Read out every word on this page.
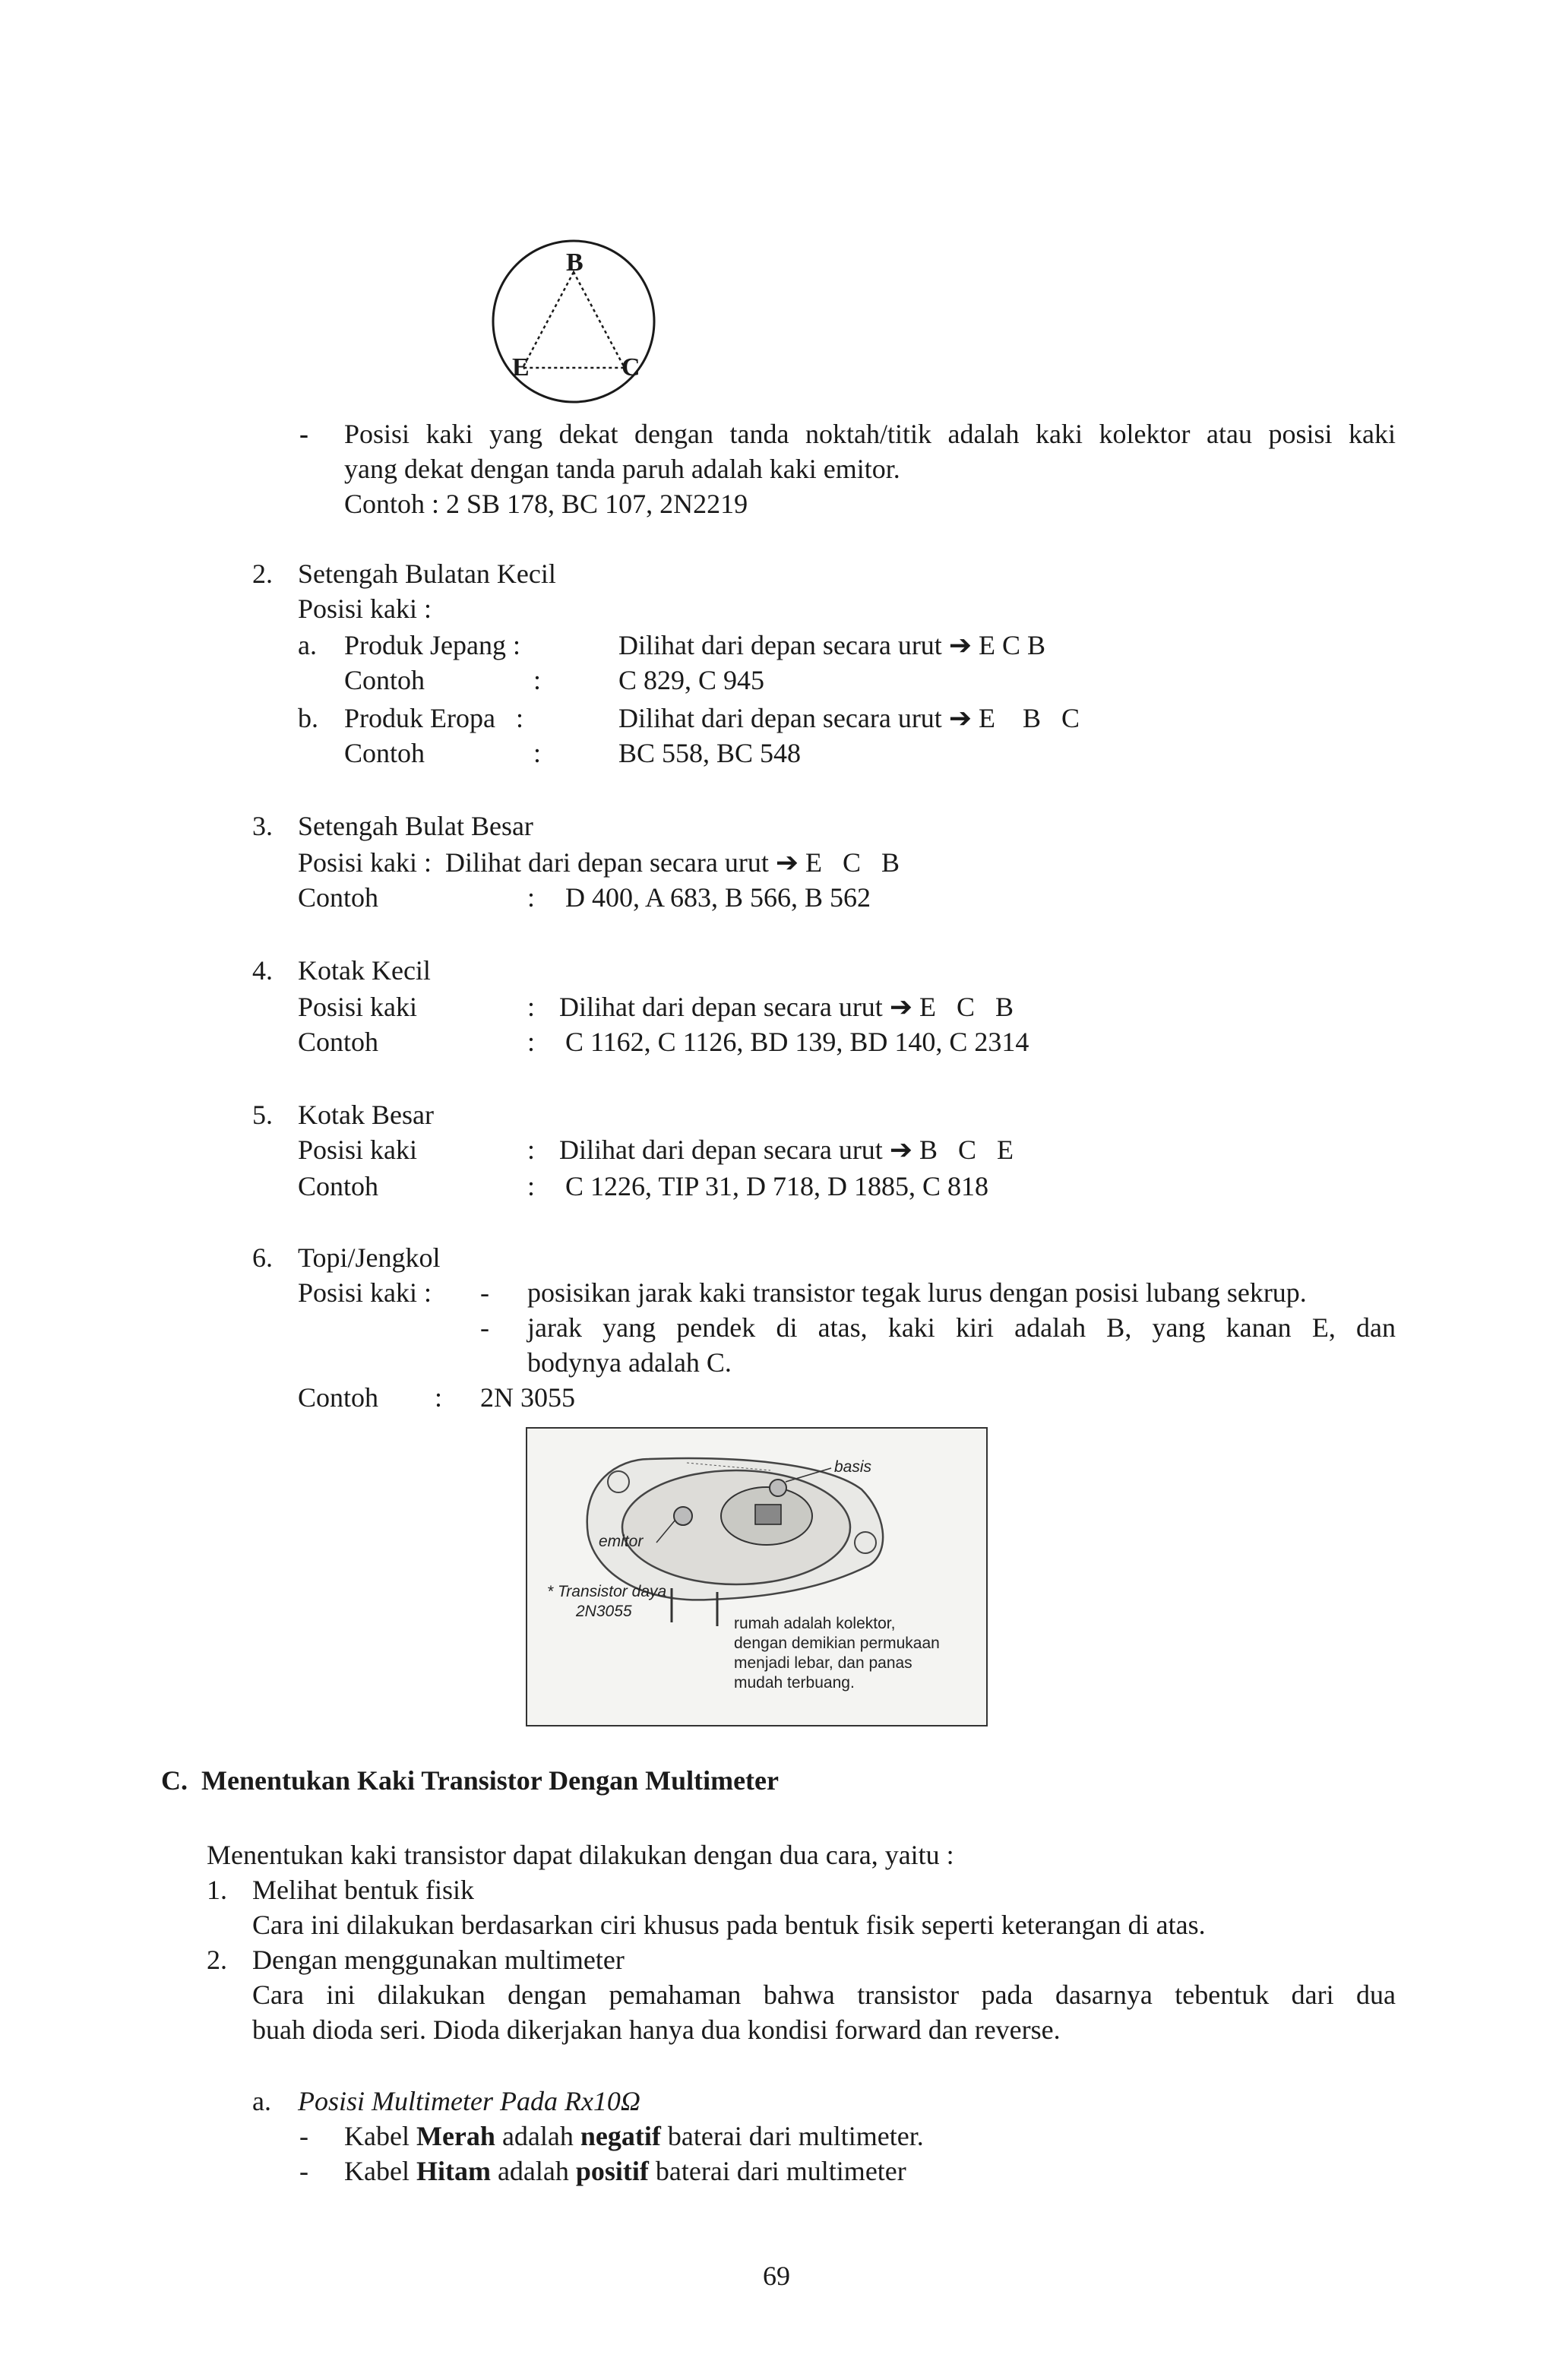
B
E	C
- Posisi kaki yang dekat dengan tanda noktah/titik adalah kaki kolektor atau posisi kaki
yang dekat dengan tanda paruh adalah kaki emitor.
Contoh : 2 SB 178, BC 107, 2N2219
2. Setengah Bulatan Kecil
Posisi kaki :
a. Produk Jepang :	Dilihat dari depan secara urut ➔ E C B
Contoh	:	C 829, C 945
b. Produk Eropa   :	Dilihat dari depan secara urut ➔ E    B   C
Contoh	:	BC 558, BC 548
3. Setengah Bulat Besar
Posisi kaki :  Dilihat dari depan secara urut ➔ E   C   B
Contoh	: D 400, A 683, B 566, B 562
4. Kotak Kecil
Posisi kaki	: Dilihat dari depan secara urut ➔ E   C   B
Contoh	: C 1162, C 1126, BD 139, BD 140, C 2314
5. Kotak Besar
Posisi kaki	: Dilihat dari depan secara urut ➔ B   C   E
Contoh	: C 1226, TIP 31, D 718, D 1885, C 818
6. Topi/Jengkol
Posisi kaki : - posisikan jarak kaki transistor tegak lurus dengan posisi lubang sekrup.
- jarak yang pendek di atas, kaki kiri adalah B, yang kanan E, dan
bodynya adalah C.
Contoh : 2N 3055
basis
emitor
* Transistor daya
2N3055
rumah adalah kolektor,
dengan demikian permukaan
menjadi lebar, dan panas
mudah terbuang.
C.  Menentukan Kaki Transistor Dengan Multimeter
Menentukan kaki transistor dapat dilakukan dengan dua cara, yaitu :
1. Melihat bentuk fisik
Cara ini dilakukan berdasarkan ciri khusus pada bentuk fisik seperti keterangan di atas.
2. Dengan menggunakan multimeter
Cara ini dilakukan dengan pemahaman bahwa transistor pada dasarnya tebentuk dari dua
buah dioda seri. Dioda dikerjakan hanya dua kondisi forward dan reverse.
a. Posisi Multimeter Pada Rx10Ω
- Kabel Merah adalah negatif baterai dari multimeter.
- Kabel Hitam adalah positif baterai dari multimeter
69
